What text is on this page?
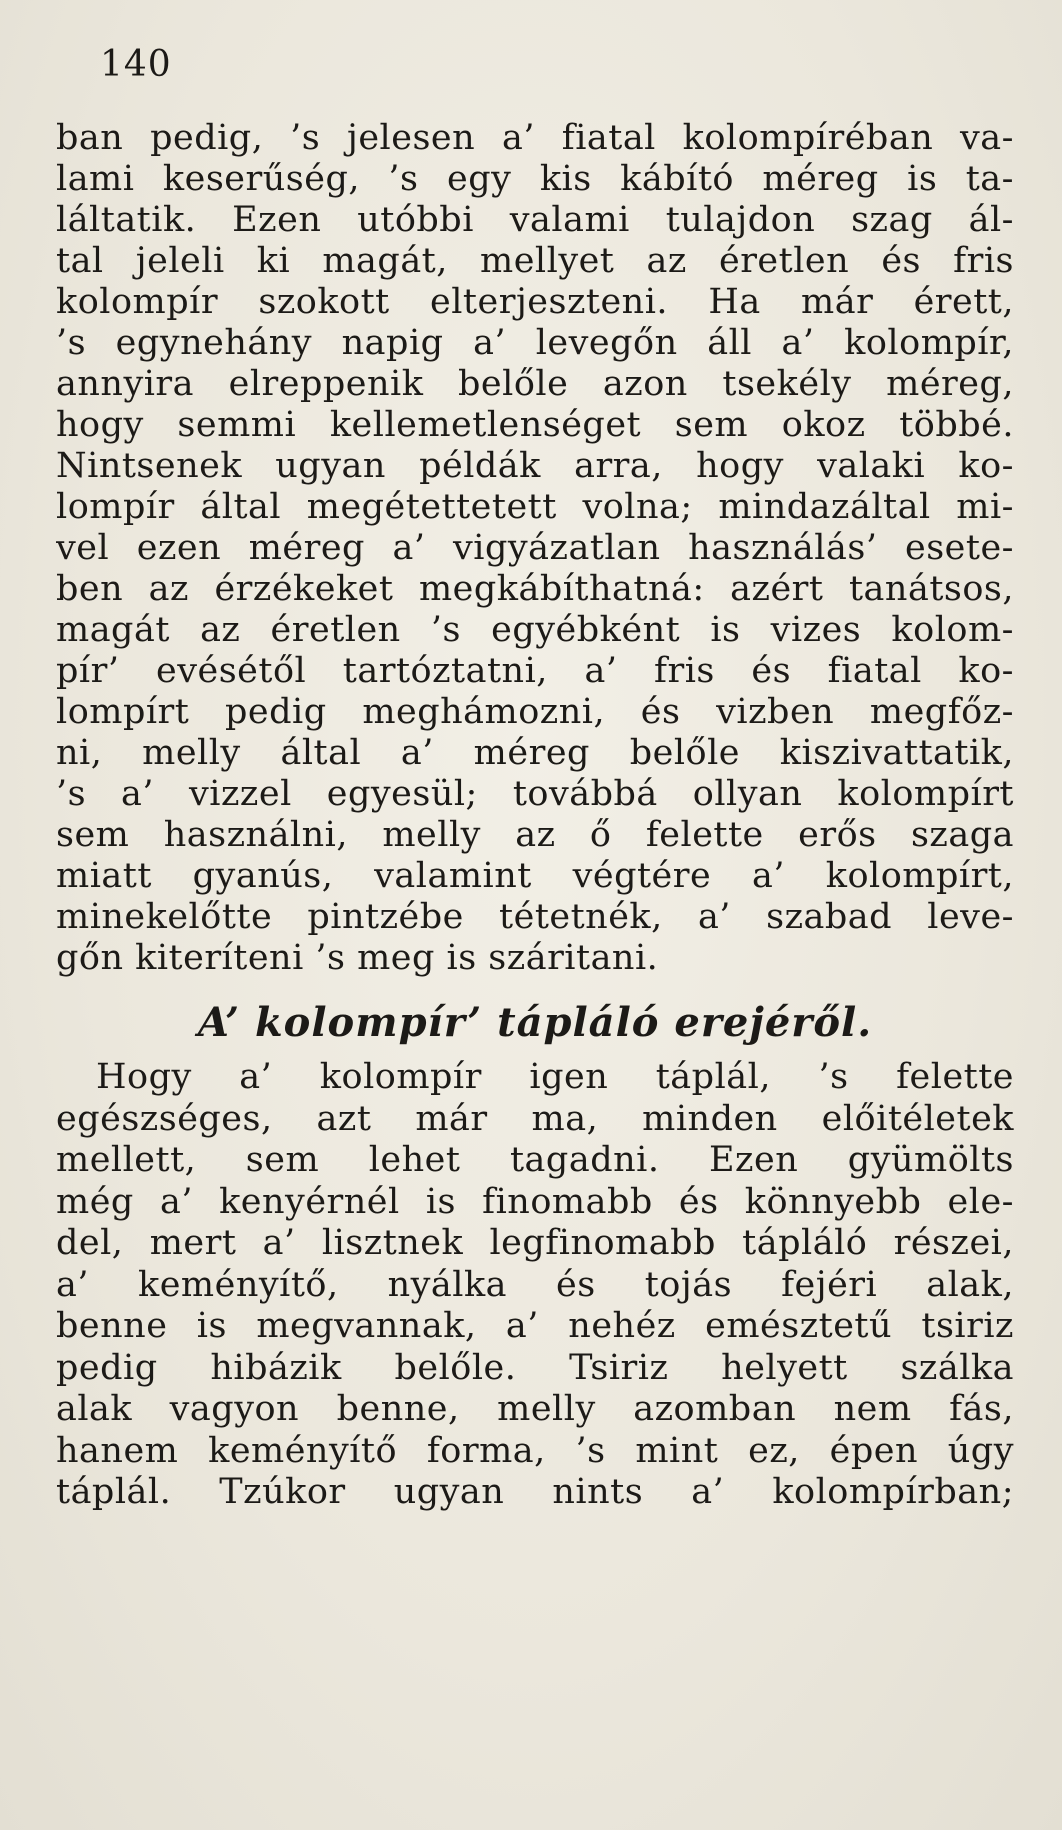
140
ban pedig, ’s jelesen a’ fiatal kolompíréban va-
lami keserűség, ’s egy kis kábító méreg is ta-
láltatik. Ezen utóbbi valami tulajdon szag ál-
tal jeleli ki magát, mellyet az éretlen és fris
kolompír szokott elterjeszteni. Ha már érett,
’s egynehány napig a’ levegőn áll a’ kolompír,
annyira elreppenik belőle azon tsekély méreg,
hogy semmi kellemetlenséget sem okoz többé.
Nintsenek ugyan példák arra, hogy valaki ko-
lompír által megétettetett volna; mindazáltal mi-
vel ezen méreg a’ vigyázatlan használás’ esete-
ben az érzékeket megkábíthatná: azért tanátsos,
magát az éretlen ’s egyébként is vizes kolom-
pír’ evésétől tartóztatni, a’ fris és fiatal ko-
lompírt pedig meghámozni, és vizben megfőz-
ni, melly által a’ méreg belőle kiszivattatik,
’s a’ vizzel egyesül; továbbá ollyan kolompírt
sem használni, melly az ő felette erős szaga
miatt gyanús, valamint végtére a’ kolompírt,
minekelőtte pintzébe tétetnék, a’ szabad leve-
gőn kiteríteni ’s meg is száritani.
A’ kolompír’ tápláló erejéről.
Hogy a’ kolompír igen táplál, ’s felette
egészséges, azt már ma, minden előitéletek
mellett, sem lehet tagadni. Ezen gyümölts
még a’ kenyérnél is finomabb és könnyebb ele-
del, mert a’ lisztnek legfinomabb tápláló részei,
a’ keményítő, nyálka és tojás fejéri alak,
benne is megvannak, a’ nehéz emésztetű tsiriz
pedig hibázik belőle. Tsiriz helyett szálka
alak vagyon benne, melly azomban nem fás,
hanem keményítő forma, ’s mint ez, épen úgy
táplál. Tzúkor ugyan nints a’ kolompírban;
